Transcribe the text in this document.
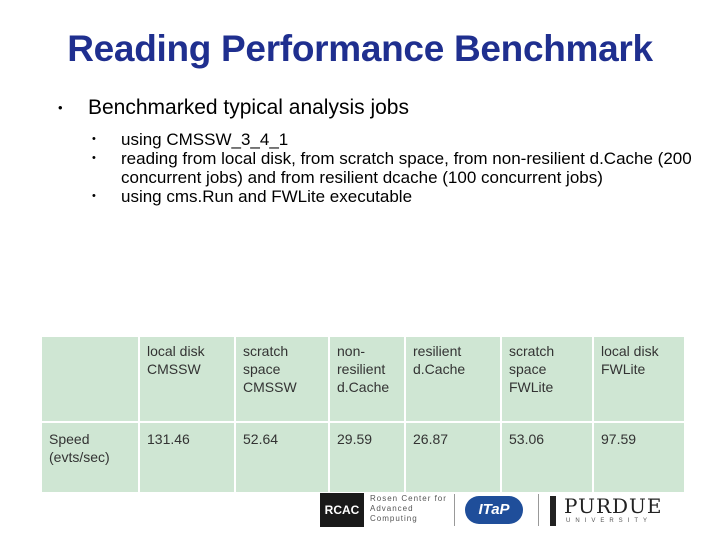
Reading Performance Benchmark
• Benchmarked typical analysis jobs
• using CMSSW_3_4_1
• reading from local disk, from scratch space, from non-resilient d.Cache (200 concurrent jobs) and from resilient dcache (100 concurrent jobs)
• using cms.Run and FWLite executable
	local disk CMSSW	scratch space CMSSW	non-resilient d.Cache	resilient d.Cache	scratch space FWLite	local disk FWLite
Speed (evts/sec)	131.46	52.64	29.59	26.87	53.06	97.59
RCAC
Rosen Center for Advanced Computing
ITaP	PURDUE
UNIVERSITY
